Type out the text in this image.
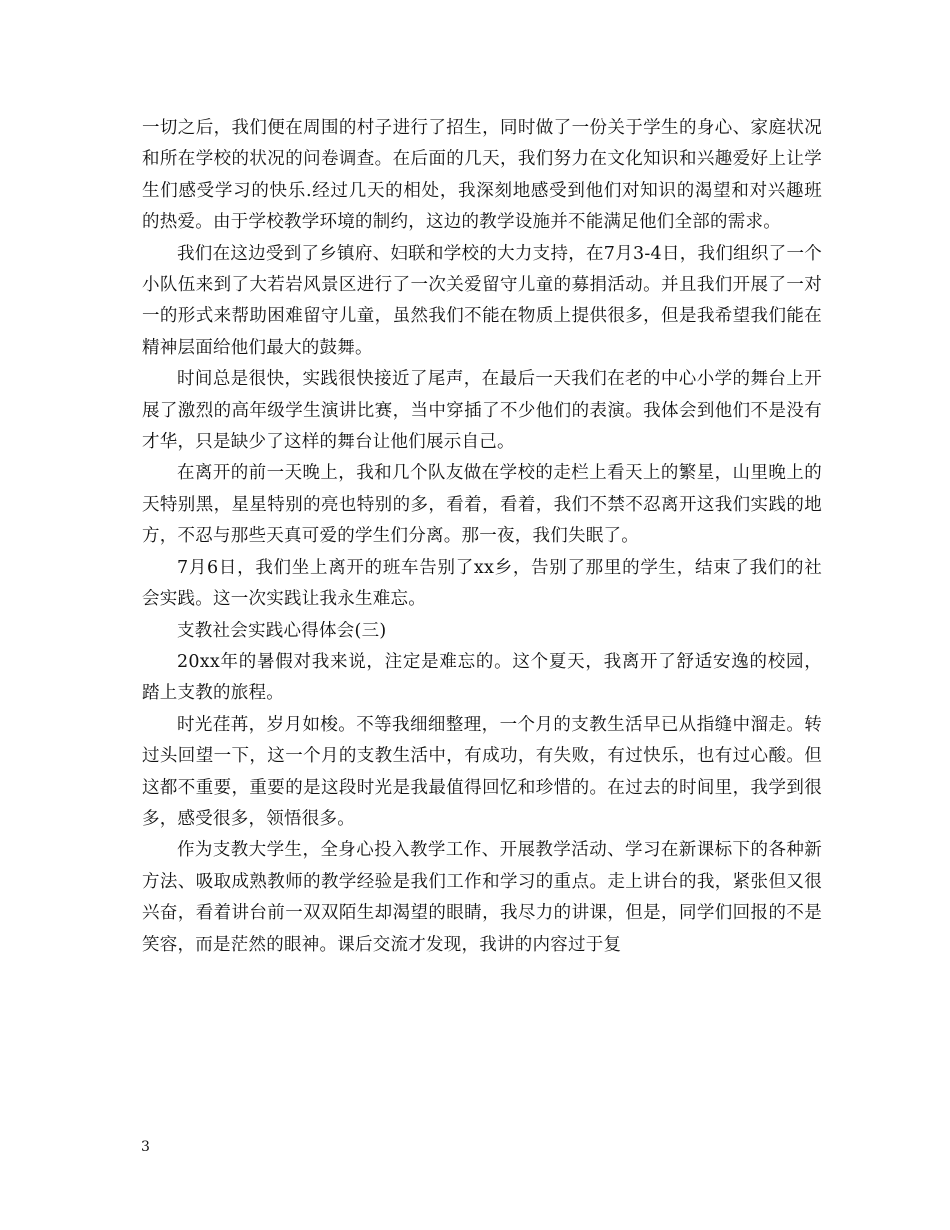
一切之后，我们便在周围的村子进行了招生，同时做了一份关于学生的身心、家庭状况和所在学校的状况的问卷调查。在后面的几天，我们努力在文化知识和兴趣爱好上让学生们感受学习的快乐.经过几天的相处，我深刻地感受到他们对知识的渴望和对兴趣班的热爱。由于学校教学环境的制约，这边的教学设施并不能满足他们全部的需求。

我们在这边受到了乡镇府、妇联和学校的大力支持，在7月3-4日，我们组织了一个小队伍来到了大若岩风景区进行了一次关爱留守儿童的募捐活动。并且我们开展了一对一的形式来帮助困难留守儿童，虽然我们不能在物质上提供很多，但是我希望我们能在精神层面给他们最大的鼓舞。

时间总是很快，实践很快接近了尾声，在最后一天我们在老的中心小学的舞台上开展了激烈的高年级学生演讲比赛，当中穿插了不少他们的表演。我体会到他们不是没有才华，只是缺少了这样的舞台让他们展示自己。

在离开的前一天晚上，我和几个队友做在学校的走栏上看天上的繁星，山里晚上的天特别黑，星星特别的亮也特别的多，看着，看着，我们不禁不忍离开这我们实践的地方，不忍与那些天真可爱的学生们分离。那一夜，我们失眠了。

7月6日，我们坐上离开的班车告别了xx乡，告别了那里的学生，结束了我们的社会实践。这一次实践让我永生难忘。

支教社会实践心得体会(三)

20xx年的暑假对我来说，注定是难忘的。这个夏天，我离开了舒适安逸的校园，踏上支教的旅程。

时光荏苒，岁月如梭。不等我细细整理，一个月的支教生活早已从指缝中溜走。转过头回望一下，这一个月的支教生活中，有成功，有失败，有过快乐，也有过心酸。但这都不重要，重要的是这段时光是我最值得回忆和珍惜的。在过去的时间里，我学到很多，感受很多，领悟很多。

作为支教大学生，全身心投入教学工作、开展教学活动、学习在新课标下的各种新方法、吸取成熟教师的教学经验是我们工作和学习的重点。走上讲台的我，紧张但又很兴奋，看着讲台前一双双陌生却渴望的眼睛，我尽力的讲课，但是，同学们回报的不是笑容，而是茫然的眼神。课后交流才发现，我讲的内容过于复

3
